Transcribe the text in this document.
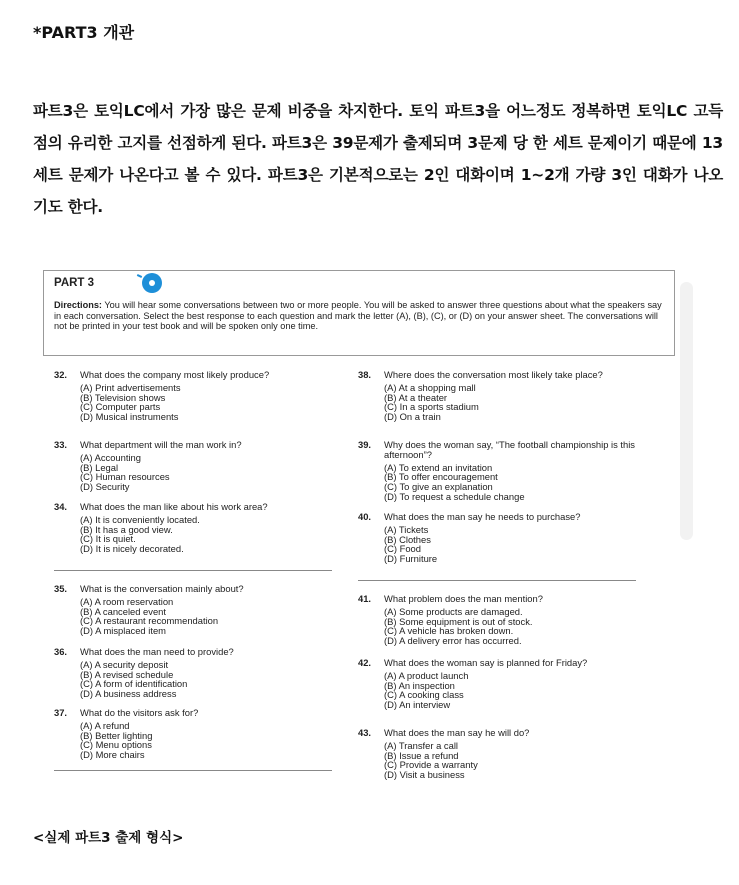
*PART3 개관
파트3은 토익LC에서 가장 많은 문제 비중을 차지한다. 토익 파트3을 어느정도 정복하면 토익LC 고득점의 유리한 고지를 선점하게 된다. 파트3은 39문제가 출제되며 3문제 당 한 세트 문제이기 때문에 13세트 문제가 나온다고 볼 수 있다. 파트3은 기본적으로는 2인 대화이며 1~2개 가량 3인 대화가 나오기도 한다.
PART 3
Directions: You will hear some conversations between two or more people. You will be asked to answer three questions about what the speakers say in each conversation. Select the best response to each question and mark the letter (A), (B), (C), or (D) on your answer sheet. The conversations will not be printed in your test book and will be spoken only one time.
32.	What does the company most likely produce?
(A) Print advertisements
(B) Television shows
(C) Computer parts
(D) Musical instruments
33.	What department will the man work in?
(A) Accounting
(B) Legal
(C) Human resources
(D) Security
34.	What does the man like about his work area?
(A) It is conveniently located.
(B) It has a good view.
(C) It is quiet.
(D) It is nicely decorated.
35.	What is the conversation mainly about?
(A) A room reservation
(B) A canceled event
(C) A restaurant recommendation
(D) A misplaced item
36.	What does the man need to provide?
(A) A security deposit
(B) A revised schedule
(C) A form of identification
(D) A business address
37.	What do the visitors ask for?
(A) A refund
(B) Better lighting
(C) Menu options
(D) More chairs
38.	Where does the conversation most likely take place?
(A) At a shopping mall
(B) At a theater
(C) In a sports stadium
(D) On a train
39.	Why does the woman say, “The football championship is this afternoon”?
(A) To extend an invitation
(B) To offer encouragement
(C) To give an explanation
(D) To request a schedule change
40.	What does the man say he needs to purchase?
(A) Tickets
(B) Clothes
(C) Food
(D) Furniture
41.	What problem does the man mention?
(A) Some products are damaged.
(B) Some equipment is out of stock.
(C) A vehicle has broken down.
(D) A delivery error has occurred.
42.	What does the woman say is planned for Friday?
(A) A product launch
(B) An inspection
(C) A cooking class
(D) An interview
43.	What does the man say he will do?
(A) Transfer a call
(B) Issue a refund
(C) Provide a warranty
(D) Visit a business
<실제 파트3 출제 형식>
